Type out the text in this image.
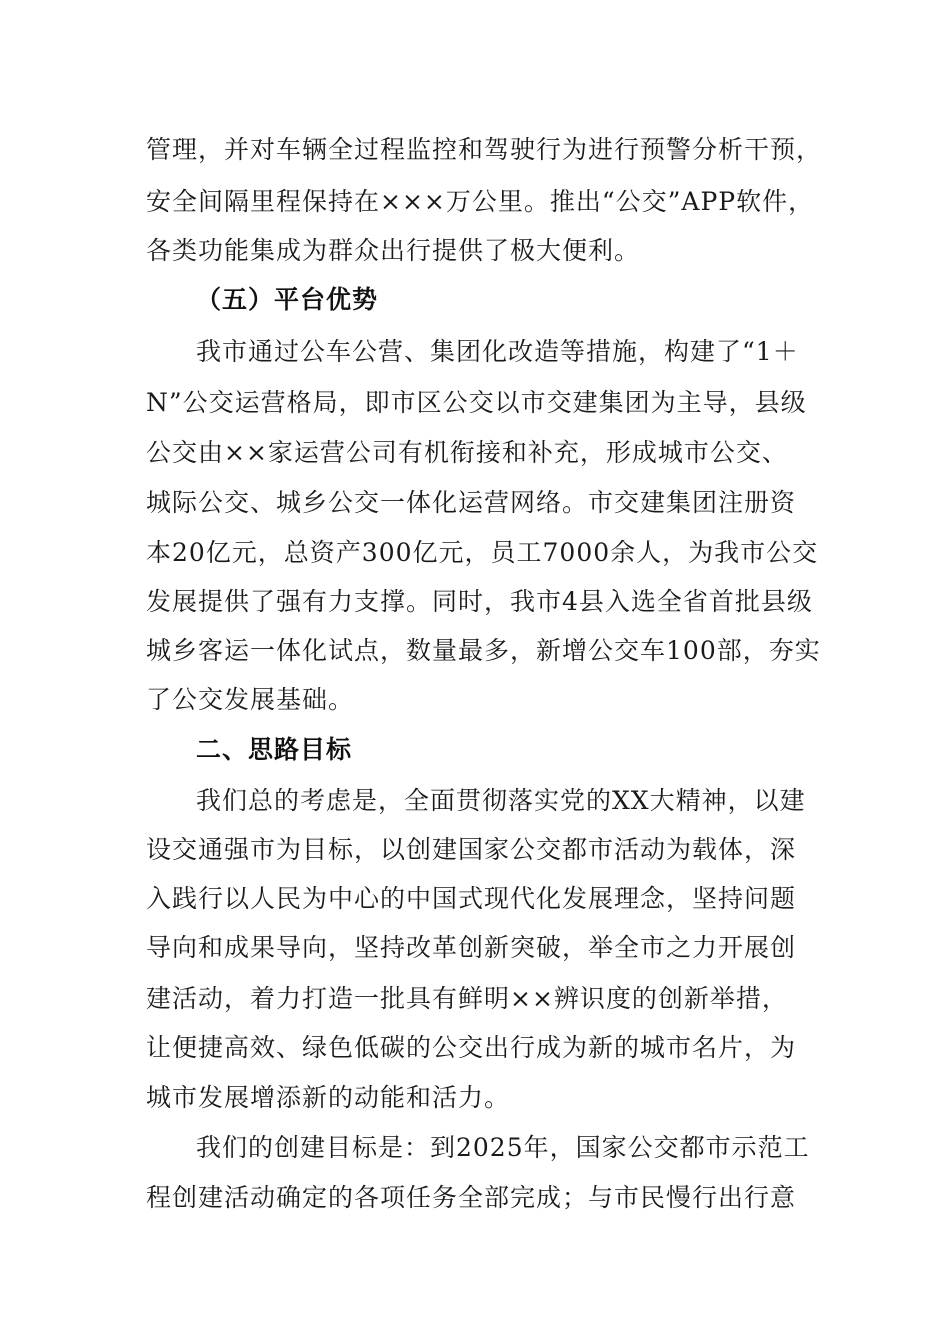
管理，并对车辆全过程监控和驾驶行为进行预警分析干预，
安全间隔里程保持在×××万公里。推出“公交”APP软件，
各类功能集成为群众出行提供了极大便利。
（五）平台优势
我市通过公车公营、集团化改造等措施，构建了“1＋
N”公交运营格局，即市区公交以市交建集团为主导，县级
公交由××家运营公司有机衔接和补充，形成城市公交、
城际公交、城乡公交一体化运营网络。市交建集团注册资
本20亿元，总资产300亿元，员工7000余人，为我市公交
发展提供了强有力支撑。同时，我市4县入选全省首批县级
城乡客运一体化试点，数量最多，新增公交车100部，夯实
了公交发展基础。
二、思路目标
我们总的考虑是，全面贯彻落实党的XX大精神，以建
设交通强市为目标，以创建国家公交都市活动为载体，深
入践行以人民为中心的中国式现代化发展理念，坚持问题
导向和成果导向，坚持改革创新突破，举全市之力开展创
建活动，着力打造一批具有鲜明××辨识度的创新举措，
让便捷高效、绿色低碳的公交出行成为新的城市名片，为
城市发展增添新的动能和活力。
我们的创建目标是：到2025年，国家公交都市示范工
程创建活动确定的各项任务全部完成；与市民慢行出行意
